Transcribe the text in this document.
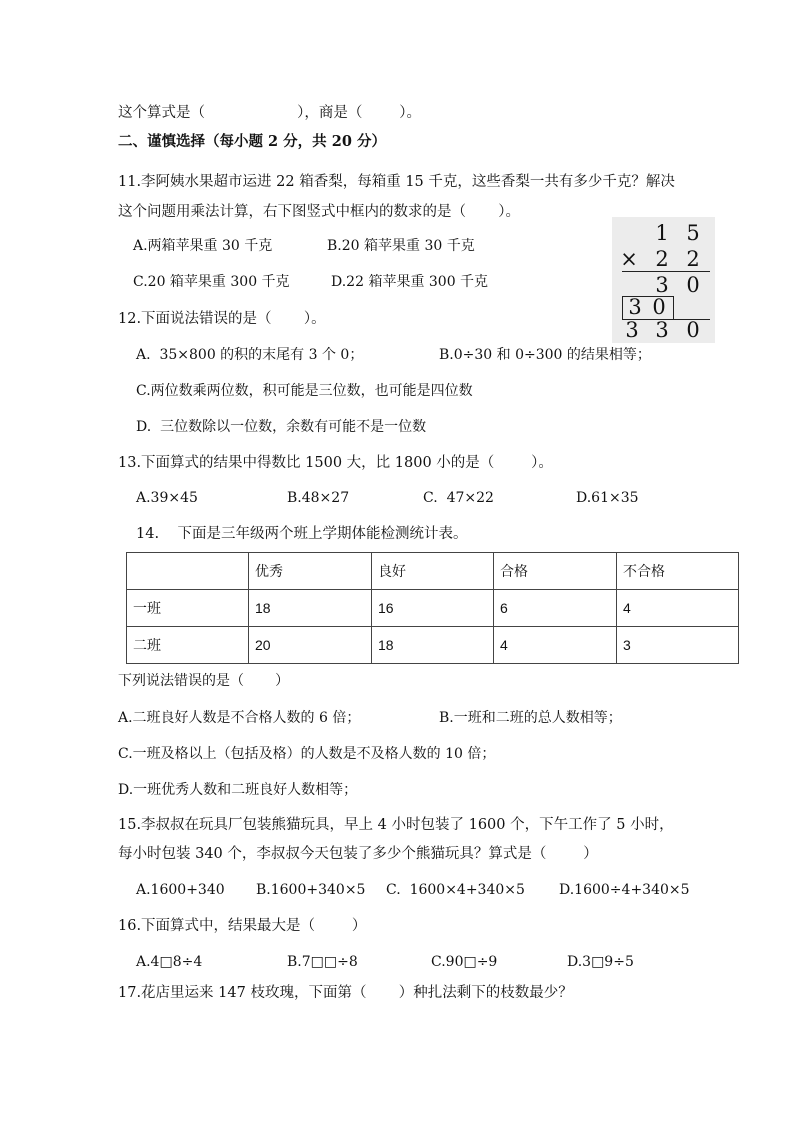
这个算式是（                    ），商是（        ）。
二、谨慎选择（每小题 2 分，共 20 分）
11.李阿姨水果超市运进 22 箱香梨，每箱重 15 千克，这些香梨一共有多少千克？解决
这个问题用乘法计算，右下图竖式中框内的数求的是（       ）。
A.两箱苹果重 30 千克	B.20 箱苹果重 30 千克
C.20 箱苹果重 300 千克	D.22 箱苹果重 300 千克
1 5
× 2 2
3 0
3 0
3 3 0
12.下面说法错误的是（       ）。
A.  35×800 的积的末尾有 3 个 0；	B.0÷30 和 0÷300 的结果相等；
C.两位数乘两位数，积可能是三位数，也可能是四位数
D.  三位数除以一位数，余数有可能不是一位数
13.下面算式的结果中得数比 1500 大，比 1800 小的是（        ）。
A.39×45	B.48×27	C.  47×22	D.61×35
14.    下面是三年级两个班上学期体能检测统计表。
	优秀	良好	合格	不合格
一班	18	16	6	4
二班	20	18	4	3
下列说法错误的是（       ）
A.二班良好人数是不合格人数的 6 倍；	B.一班和二班的总人数相等；
C.一班及格以上（包括及格）的人数是不及格人数的 10 倍；
D.一班优秀人数和二班良好人数相等；
15.李叔叔在玩具厂包装熊猫玩具，早上 4 小时包装了 1600 个，下午工作了 5 小时，
每小时包装 340 个，李叔叔今天包装了多少个熊猫玩具？算式是（        ）
A.1600+340 B.1600+340×5 C.  1600×4+340×5 D.1600÷4+340×5
16.下面算式中，结果最大是（        ）
A.4□8÷4	B.7□□÷8	C.90□÷9	D.3□9÷5
17.花店里运来 147 枝玫瑰，下面第（       ）种扎法剩下的枝数最少？
